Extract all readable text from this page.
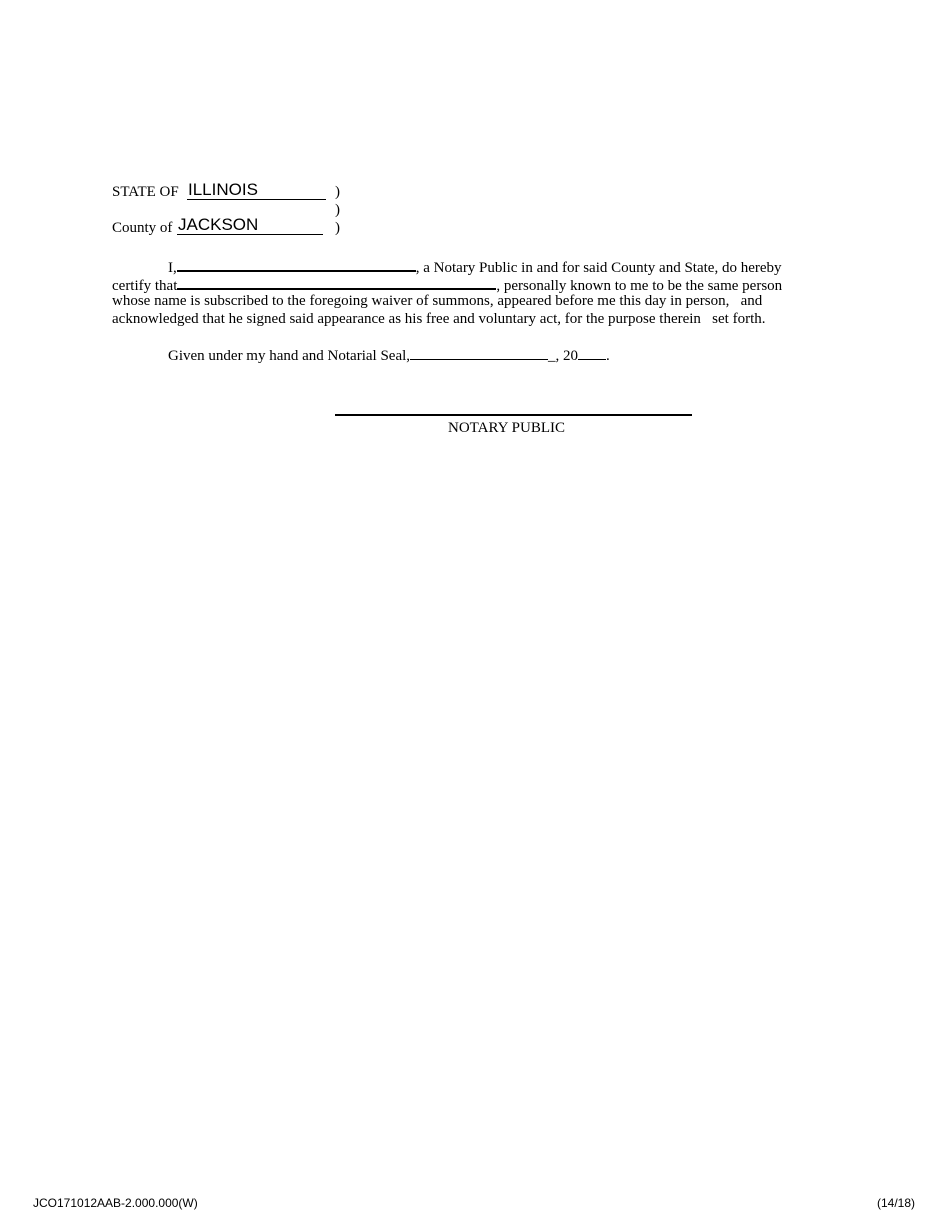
STATE OF ILLINOIS	)
)
County of JACKSON	)
I,	, a Notary Public in and for said County and State, do hereby
certify that	, personally known to me to be the same person
whose name is subscribed to the foregoing waiver of summons, appeared before me this day in person,   and
acknowledged that he signed said appearance as his free and voluntary act, for the purpose therein   set forth.
Given under my hand and Notarial Seal,	_, 20 .
NOTARY PUBLIC
JCO171012AAB-2.000.000(W)	(14/18)
